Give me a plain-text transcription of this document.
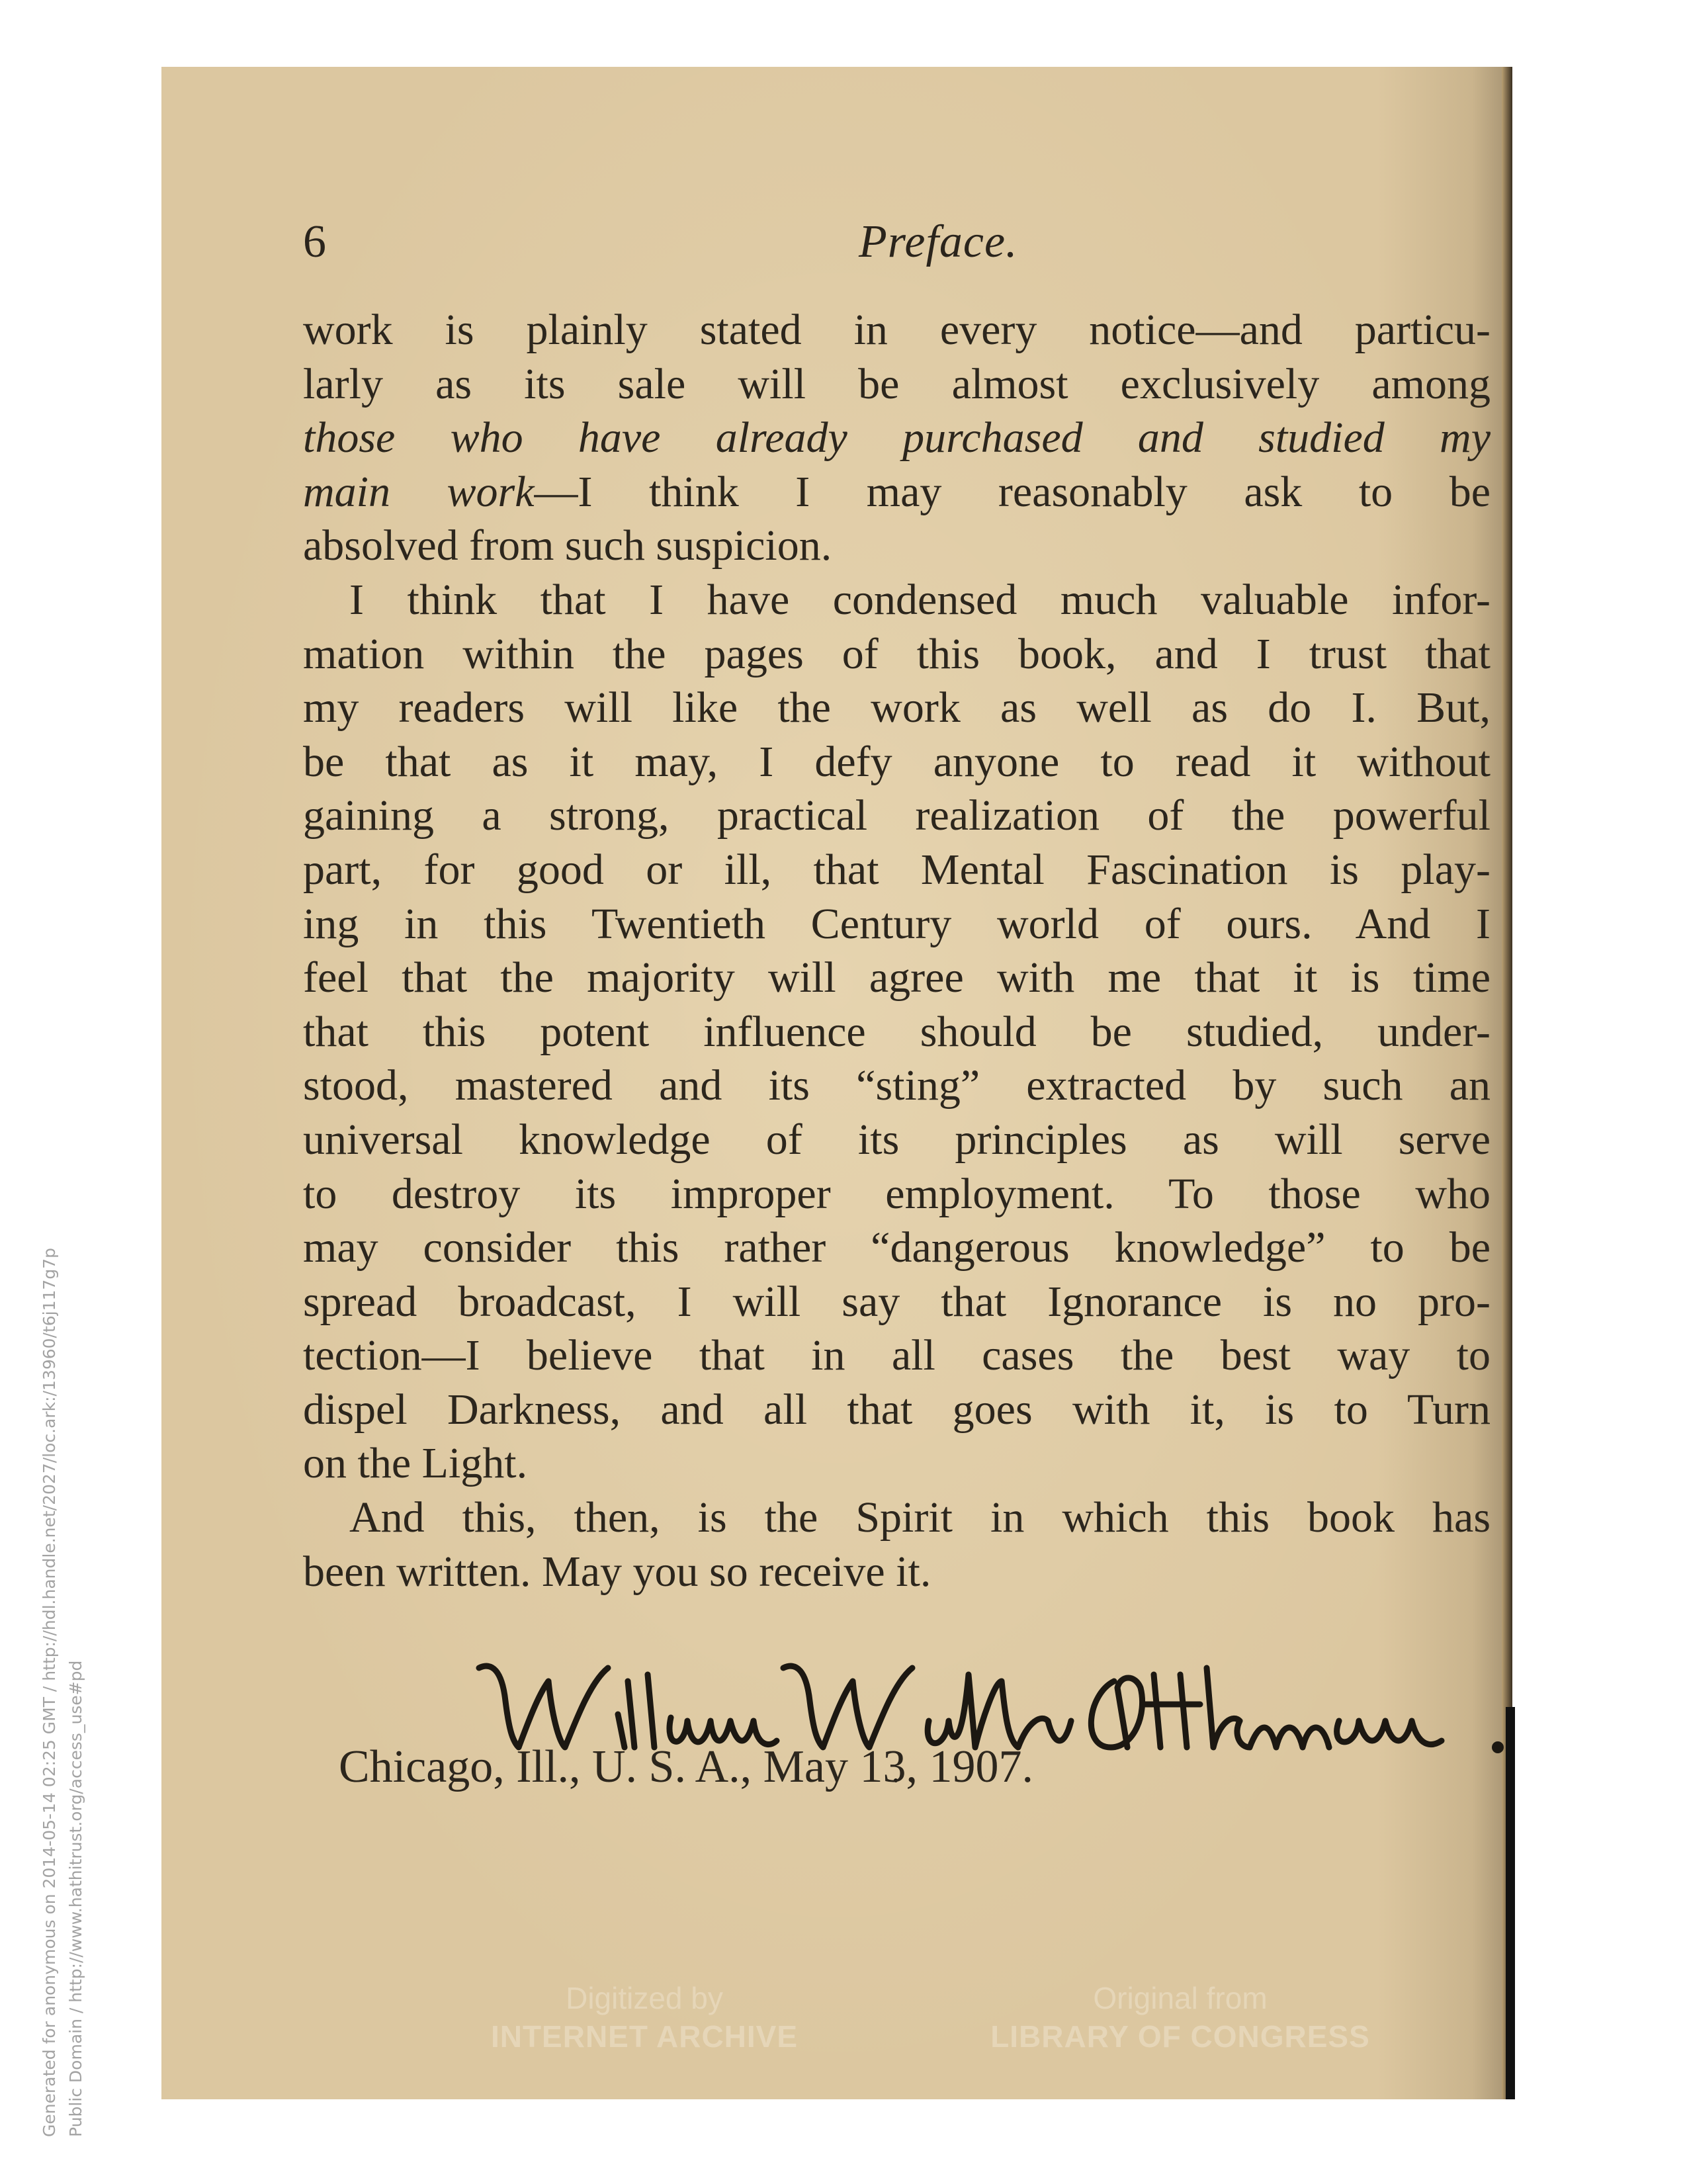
Generated for anonymous on 2014-05-14 02:25 GMT / http://hdl.handle.net/2027/loc.ark:/13960/t6j117g7p Public Domain / http://www.hathitrust.org/access_use#pd
6	Preface.
work is plainly stated in every notice—and particu-
larly as its sale will be almost exclusively among
those who have already purchased and studied my
main work—I think I may reasonably ask to be
absolved from such suspicion.
I think that I have condensed much valuable infor-
mation within the pages of this book, and I trust that
my readers will like the work as well as do I. But,
be that as it may, I defy anyone to read it without
gaining a strong, practical realization of the powerful
part, for good or ill, that Mental Fascination is play-
ing in this Twentieth Century world of ours. And I
feel that the majority will agree with me that it is time
that this potent influence should be studied, under-
stood, mastered and its “sting” extracted by such an
universal knowledge of its principles as will serve
to destroy its improper employment. To those who
may consider this rather “dangerous knowledge” to be
spread broadcast, I will say that Ignorance is no pro-
tection—I believe that in all cases the best way to
dispel Darkness, and all that goes with it, is to Turn
on the Light.
And this, then, is the Spirit in which this book has
been written. May you so receive it.
Chicago, Ill., U. S. A., May 13, 1907.
Digitized by
INTERNET ARCHIVE
Original from
LIBRARY OF CONGRESS
